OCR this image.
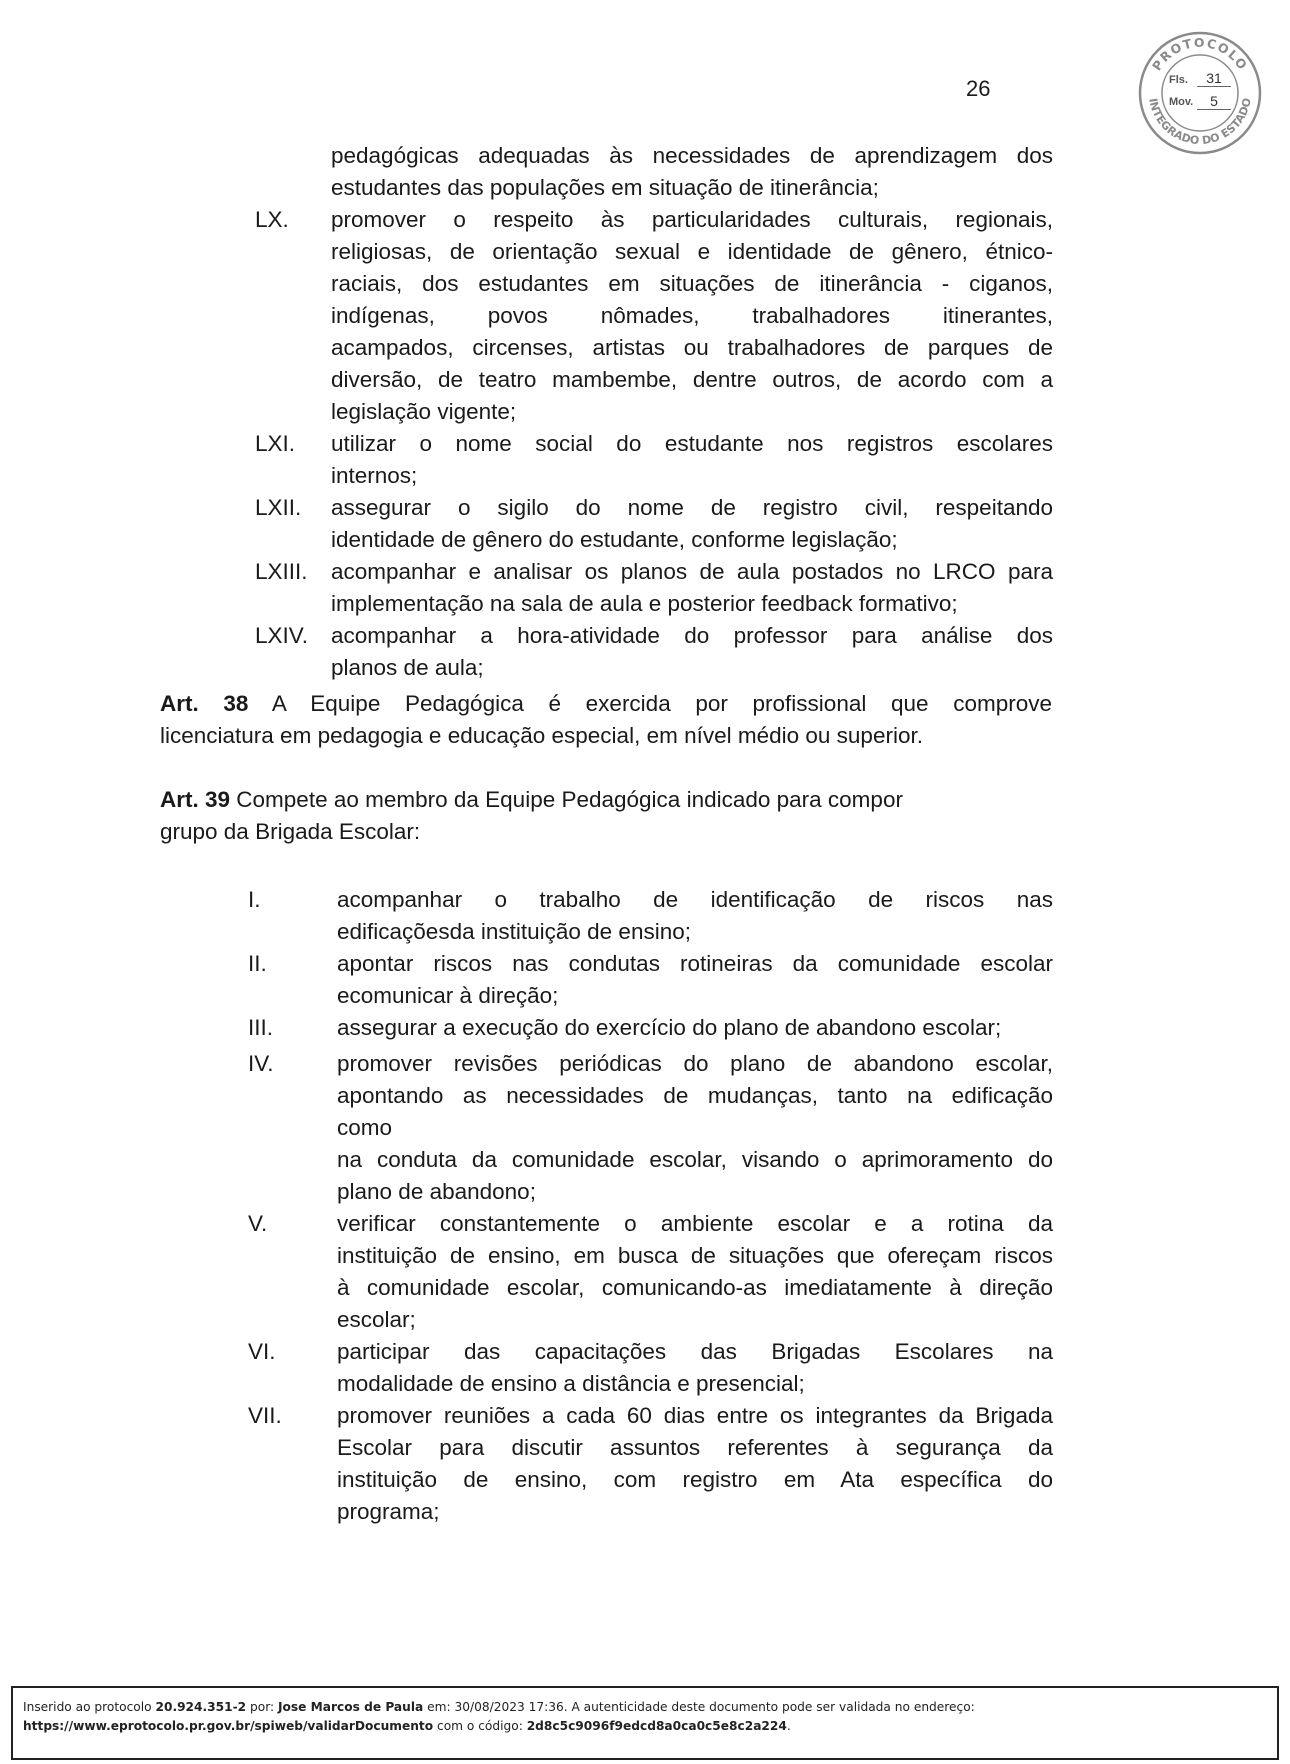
26
PROTOCOLO
INTEGRADO DO ESTADO
Fls.	31
Mov.	5
pedagógicas adequadas às necessidades de aprendizagem dos
estudantes das populações em situação de itinerância;
LX. promover o respeito às particularidades culturais, regionais,
religiosas, de orientação sexual e identidade de gênero, étnico-
raciais, dos estudantes em situações de itinerância - ciganos,
indígenas, povos nômades, trabalhadores itinerantes,
acampados, circenses, artistas ou trabalhadores de parques de
diversão, de teatro mambembe, dentre outros, de acordo com a
legislação vigente;
LXI. utilizar o nome social do estudante nos registros escolares
internos;
LXII. assegurar o sigilo do nome de registro civil, respeitando
identidade de gênero do estudante, conforme legislação;
LXIII. acompanhar e analisar os planos de aula postados no LRCO para
implementação na sala de aula e posterior feedback formativo;
LXIV. acompanhar a hora-atividade do professor para análise dos
planos de aula;
I.	acompanhar o trabalho de identificação de riscos nas
edificaçõesda instituição de ensino;
II.	apontar riscos nas condutas rotineiras da comunidade escolar
ecomunicar à direção;
III.	assegurar a execução do exercício do plano de abandono escolar;
IV.	promover revisões periódicas do plano de abandono escolar,
apontando as necessidades de mudanças, tanto na edificação
como
na conduta da comunidade escolar, visando o aprimoramento do
plano de abandono;
V.	verificar constantemente o ambiente escolar e a rotina da
instituição de ensino, em busca de situações que ofereçam riscos
à comunidade escolar, comunicando-as imediatamente à direção
escolar;
VI.	participar das capacitações das Brigadas Escolares na
modalidade de ensino a distância e presencial;
VII. promover reuniões a cada 60 dias entre os integrantes da Brigada
Escolar para discutir assuntos referentes à segurança da
instituição de ensino, com registro em Ata específica do
programa;
Art. 38 A Equipe Pedagógica é exercida por profissional que comprove
licenciatura em pedagogia e educação especial, em nível médio ou superior.
Art. 39 Compete ao membro da Equipe Pedagógica indicado para compor
grupo da Brigada Escolar:
Inserido ao protocolo 20.924.351-2 por: Jose Marcos de Paula em: 30/08/2023 17:36. A autenticidade deste documento pode ser validada no endereço:
https://www.eprotocolo.pr.gov.br/spiweb/validarDocumento com o código: 2d8c5c9096f9edcd8a0ca0c5e8c2a224.
